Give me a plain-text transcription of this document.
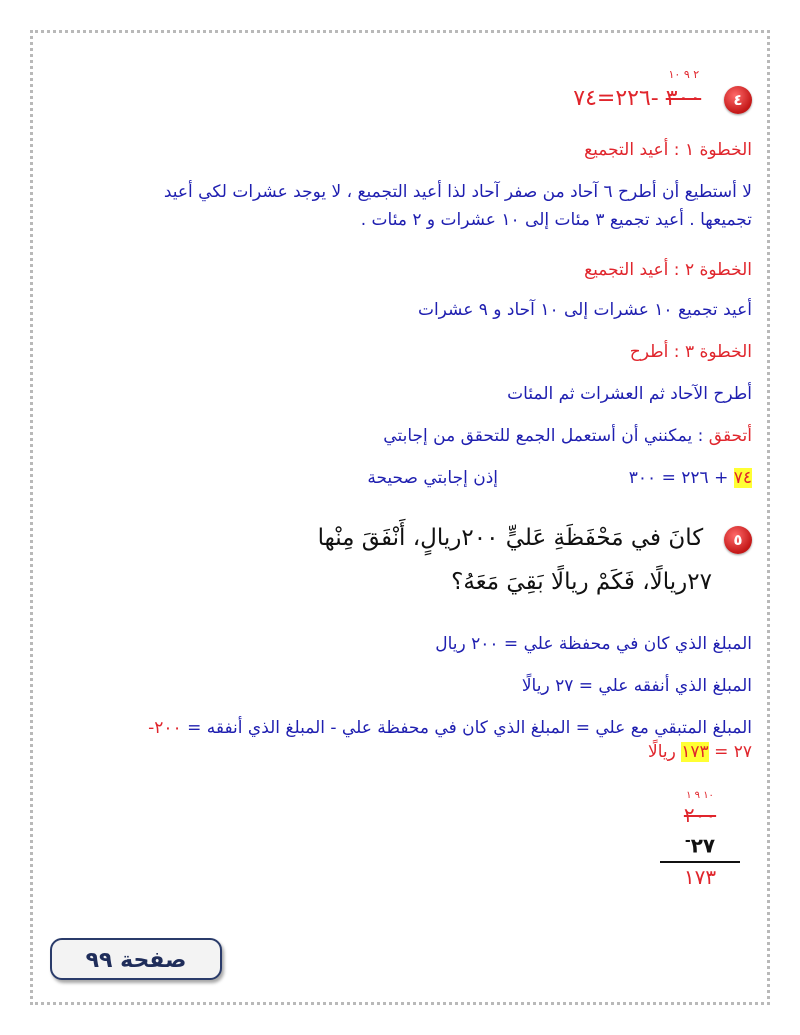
٤
٢ ٩ ١٠
٣٠٠ -٢٢٦=٧٤
الخطوة ١ : أعيد التجميع
لا أستطيع أن أطرح ٦ آحاد من صفر آحاد لذا أعيد التجميع ، لا يوجد عشرات لكي أعيد
تجميعها . أعيد تجميع ٣ مئات إلى ١٠ عشرات و ٢ مئات .
الخطوة ٢ : أعيد التجميع
أعيد تجميع ١٠ عشرات إلى ١٠ آحاد و ٩ عشرات
الخطوة ٣ : أطرح
أطرح الآحاد ثم العشرات ثم المئات
أتحقق : يمكنني أن أستعمل الجمع للتحقق من إجابتي
٧٤ + ٢٢٦ = ٣٠٠  إذن إجابتي صحيحة
٥  كانَ في مَحْفَظَةِ عَليٍّ ٢٠٠ريالٍ، أَنْفَقَ مِنْها
٢٧ريالًا، فَكَمْ ريالًا بَقِيَ مَعَهُ؟
المبلغ الذي كان في محفظة علي = ٢٠٠ ريال
المبلغ الذي أنفقه علي = ٢٧ ريالًا
المبلغ المتبقي مع علي = المبلغ الذي كان في محفظة علي - المبلغ الذي أنفقه = ٢٠٠-
٢٧ = ١٧٣ ريالًا
١٠ ٩ ١
٢٠٠
٢٧-
١٧٣
صفحة ٩٩
